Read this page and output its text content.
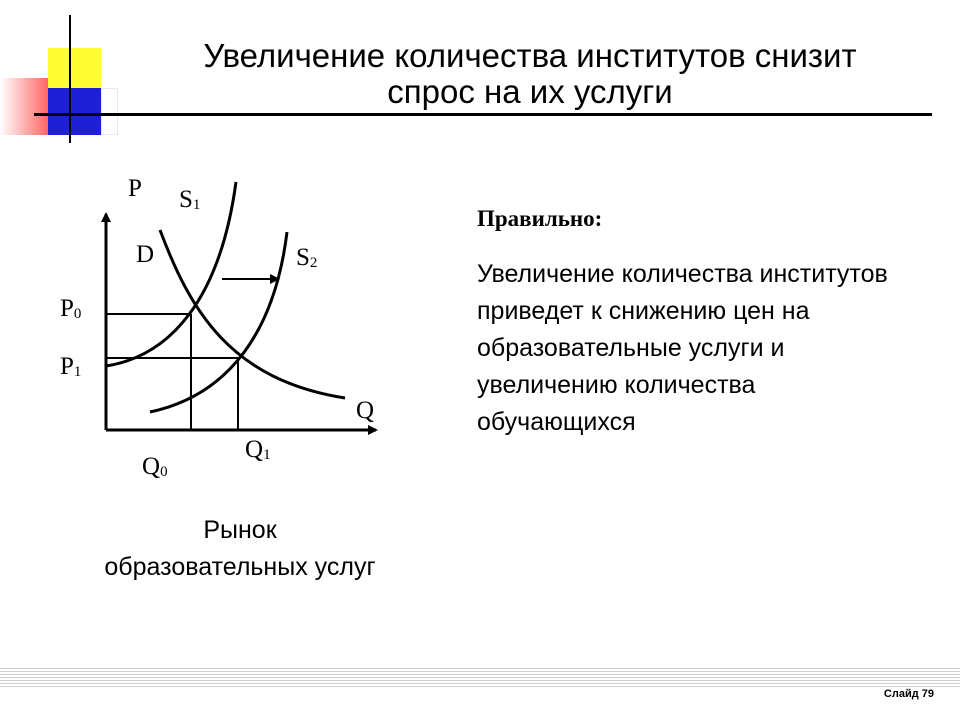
Увеличение количества институтов снизит
спрос на их услуги
P $S_1$
D	$S_2$
$P_0$
$P_1$
Q
$Q_1$
$Q_0$
Рынок образовательных услуг
Правильно:
Увеличение количества институтов приведет к снижению цен на образовательные услуги и увеличению количества обучающихся
Слайд 79
